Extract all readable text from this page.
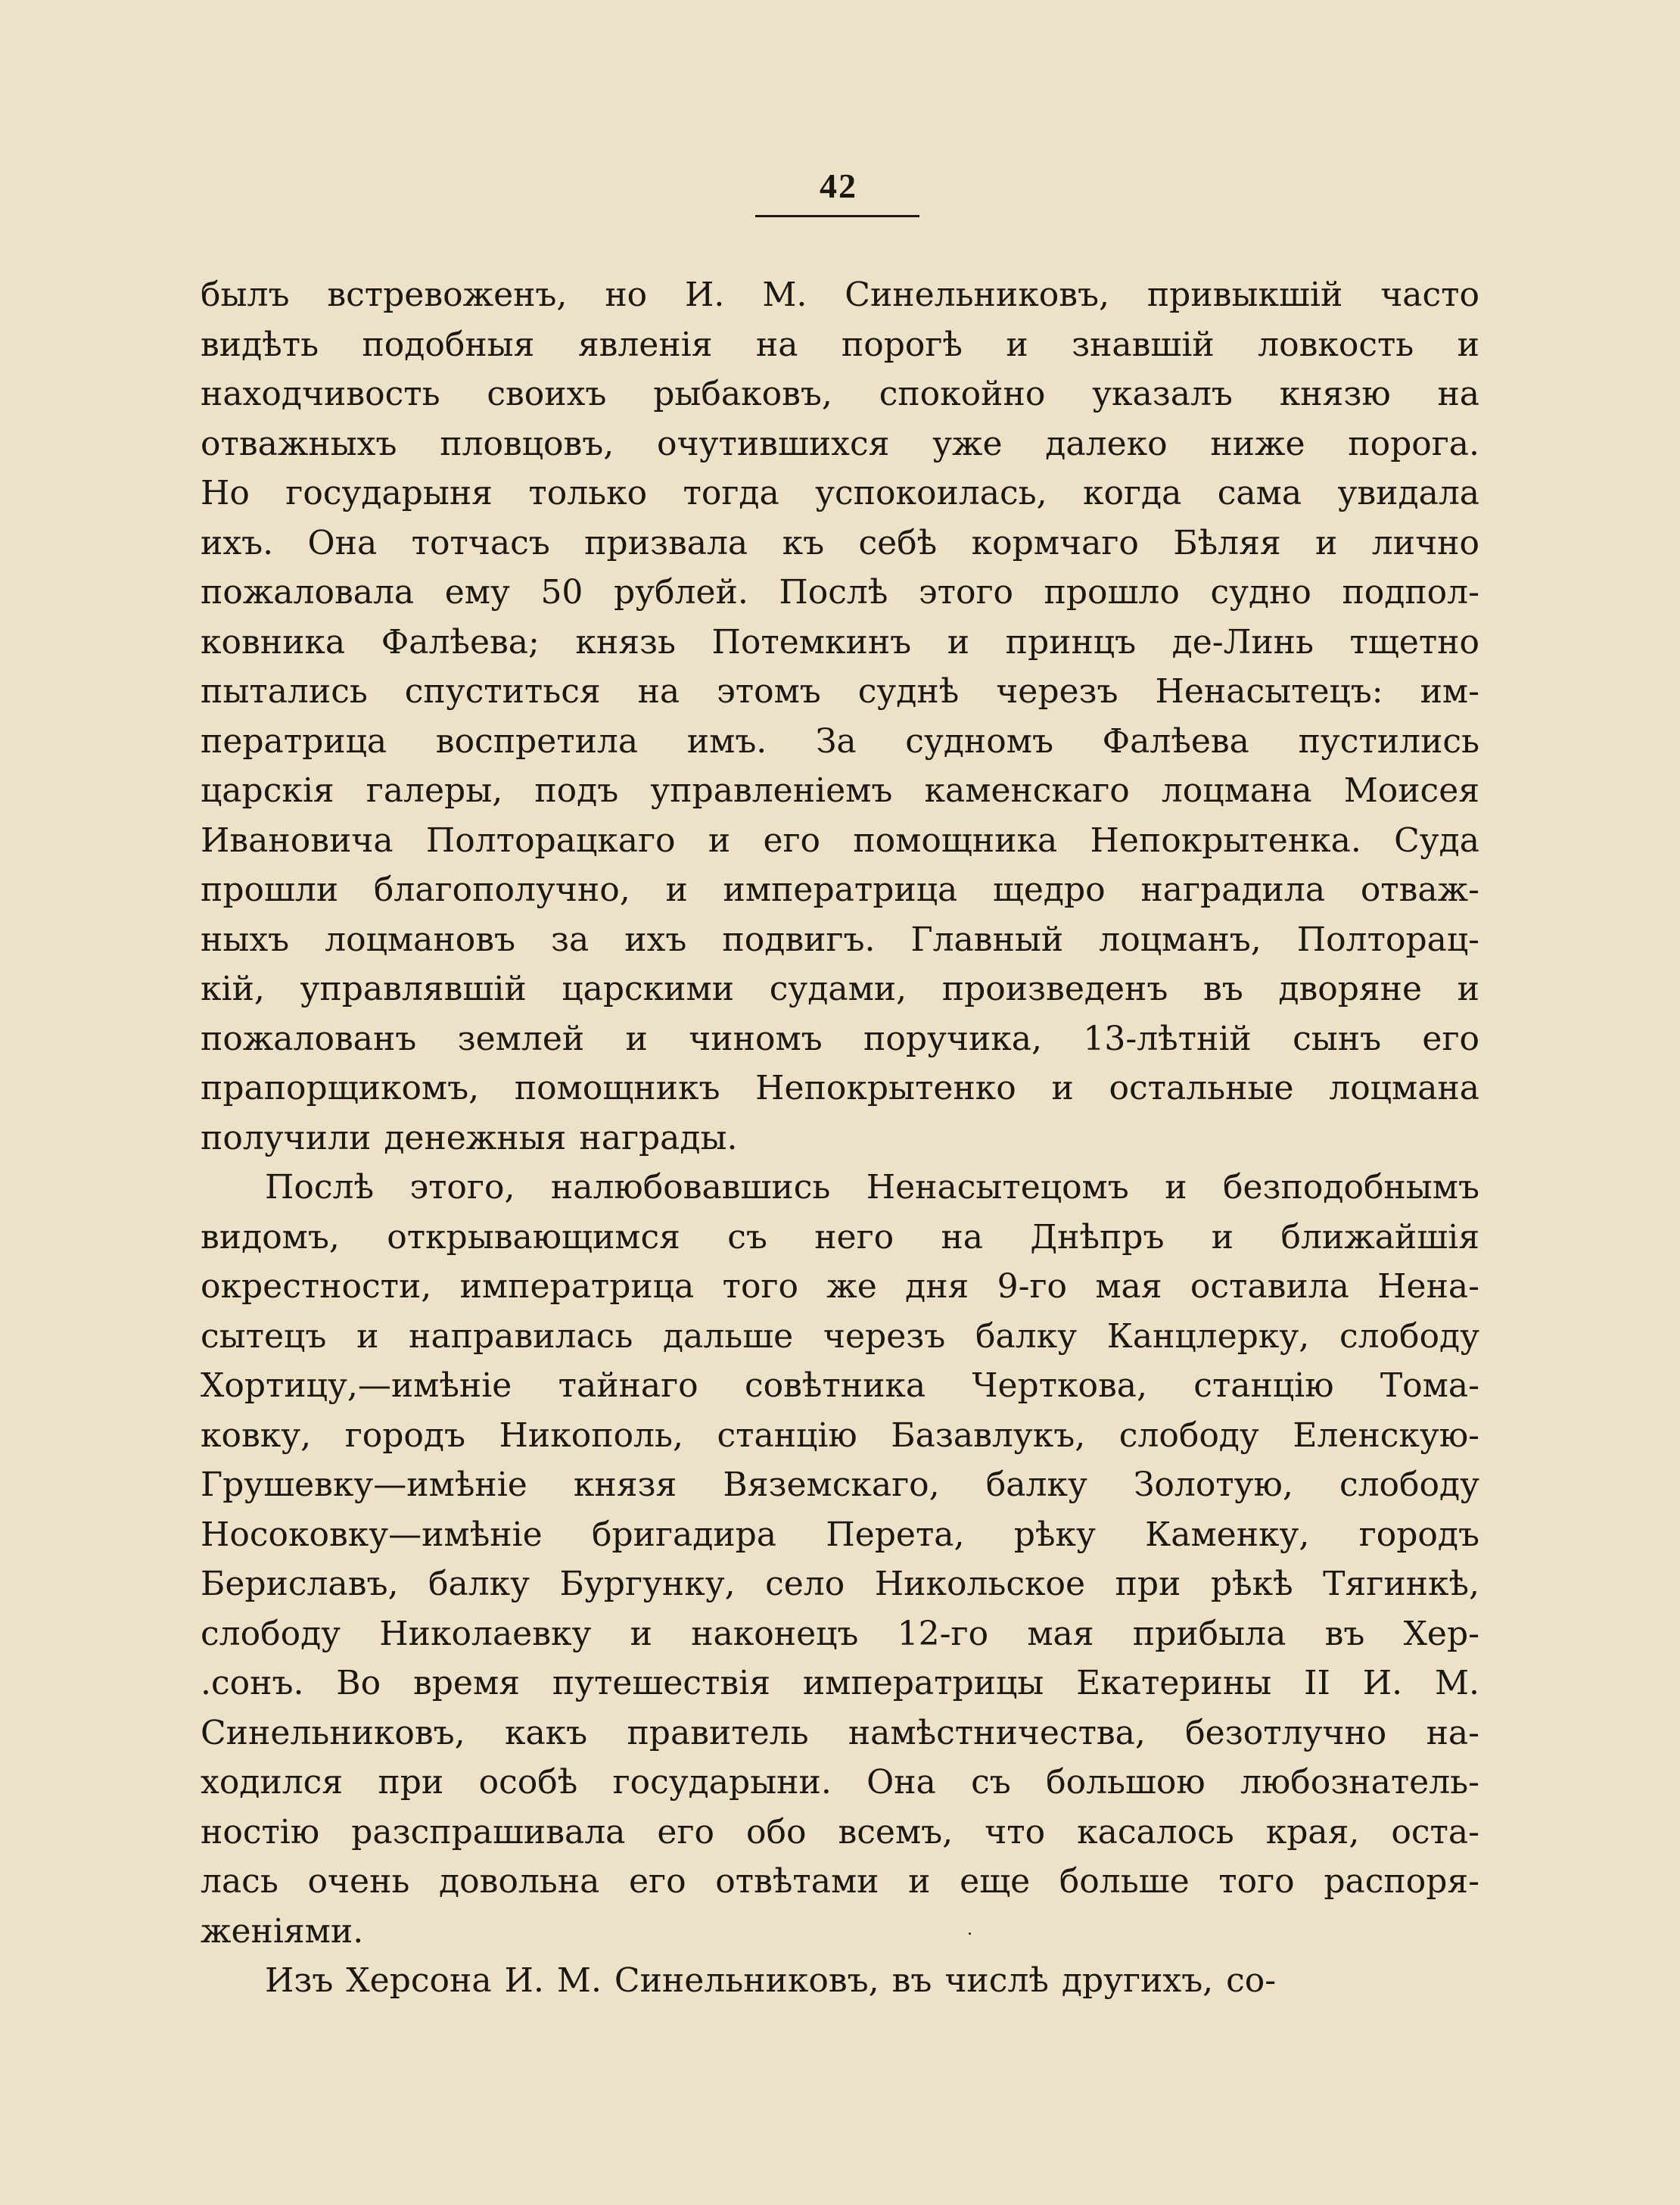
42

былъ встревоженъ, но И. М. Синельниковъ, привыкшій часто
видѣть подобныя явленія на порогѣ и знавшій ловкость и
находчивость своихъ рыбаковъ, спокойно указалъ князю на
отважныхъ пловцовъ, очутившихся уже далеко ниже порога.
Но государыня только тогда успокоилась, когда сама увидала
ихъ. Она тотчасъ призвала къ себѣ кормчаго Бѣляя и лично
пожаловала ему 50 рублей. Послѣ этого прошло судно подпол-
ковника Фалѣева; князь Потемкинъ и принцъ де-Линь тщетно
пытались спуститься на этомъ суднѣ черезъ Ненасытецъ: им-
ператрица воспретила имъ. За судномъ Фалѣева пустились
царскія галеры, подъ управленіемъ каменскаго лоцмана Моисея
Ивановича Полторацкаго и его помощника Непокрытенка. Суда
прошли благополучно, и императрица щедро наградила отваж-
ныхъ лоцмановъ за ихъ подвигъ. Главный лоцманъ, Полторац-
кій, управлявшій царскими судами, произведенъ въ дворяне и
пожалованъ землей и чиномъ поручика, 13-лѣтній сынъ его
прапорщикомъ, помощникъ Непокрытенко и остальные лоцмана
получили денежныя награды.

Послѣ этого, налюбовавшись Ненасытецомъ и безподобнымъ
видомъ, открывающимся съ него на Днѣпръ и ближайшія
окрестности, императрица того же дня 9-го мая оставила Нена-
сытецъ и направилась дальше черезъ балку Канцлерку, слободу
Хортицу,—имѣніе тайнаго совѣтника Черткова, станцію Тома-
ковку, городъ Никополь, станцію Базавлукъ, слободу Еленскую-
Грушевку—имѣніе князя Вяземскаго, балку Золотую, слободу
Носоковку—имѣніе бригадира Перета, рѣку Каменку, городъ
Бериславъ, балку Бургунку, село Никольское при рѣкѣ Тягинкѣ,
слободу Николаевку и наконецъ 12-го мая прибыла въ Хер-
.сонъ. Во время путешествія императрицы Екатерины II И. М.
Синельниковъ, какъ правитель намѣстничества, безотлучно на-
ходился при особѣ государыни. Она съ большою любознатель-
ностію разспрашивала его обо всемъ, что касалось края, оста-
лась очень довольна его отвѣтами и еще больше того распоря-
женіями.

Изъ Херсона И. М. Синельниковъ, въ числѣ другихъ, со-
